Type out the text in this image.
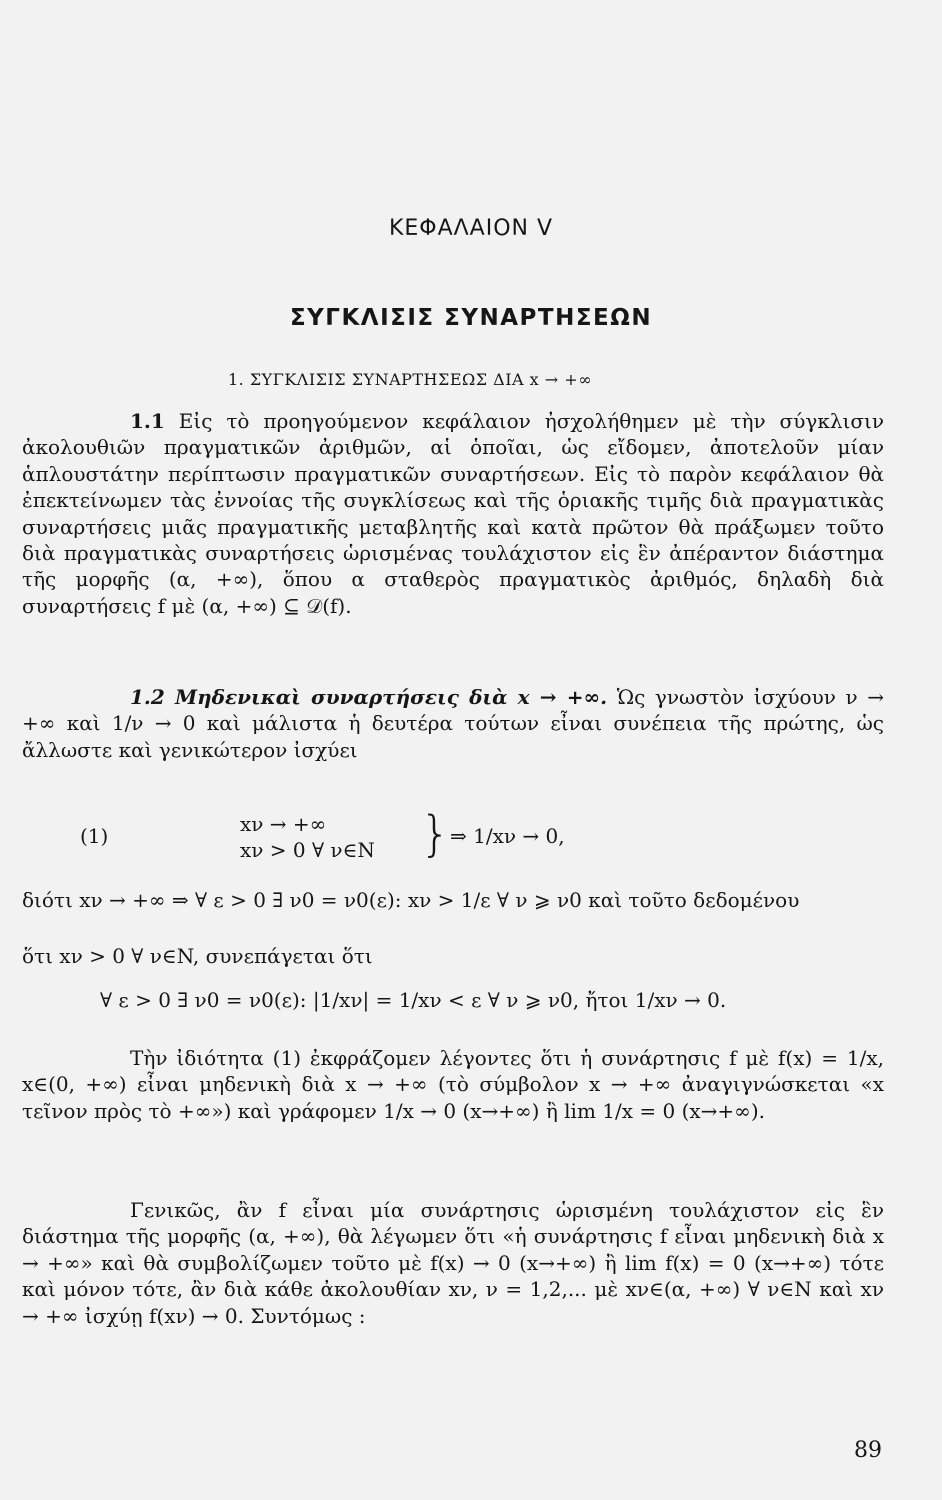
ΚΕΦΑΛΑΙΟΝ V
ΣΥΓΚΛΙΣΙΣ ΣΥΝΑΡΤΗΣΕΩΝ
1. ΣΥΓΚΛΙΣΙΣ ΣΥΝΑΡΤΗΣΕΩΣ ΔΙΑ x → +∞
1.1 Εἰς τὸ προηγούμενον κεφάλαιον ἠσχολήθημεν μὲ τὴν σύγκλισιν ἀκολουθιῶν πραγματικῶν ἀριθμῶν, αἱ ὁποῖαι, ὡς εἴδομεν, ἀποτελοῦν μίαν ἁπλουστάτην περίπτωσιν πραγματικῶν συναρτήσεων. Εἰς τὸ παρὸν κεφάλαιον θὰ ἐπεκτείνωμεν τὰς ἐννοίας τῆς συγκλίσεως καὶ τῆς ὁριακῆς τιμῆς διὰ πραγματικὰς συναρτήσεις μιᾶς πραγματικῆς μεταβλητῆς καὶ κατὰ πρῶτον θὰ πράξωμεν τοῦτο διὰ πραγματικὰς συναρτήσεις ὡρισμένας τουλάχιστον εἰς ἓν ἀπέραντον διάστημα τῆς μορφῆς (α, +∞), ὅπου α σταθερὸς πραγματικὸς ἀριθμός, δηλαδὴ διὰ συναρτήσεις f μὲ (α, +∞) ⊆ 𝒟(f).
1.2 Μηδενικαὶ συναρτήσεις διὰ x → +∞. Ὡς γνωστὸν ἰσχύουν ν → +∞ καὶ 1/ν → 0 καὶ μάλιστα ἡ δευτέρα τούτων εἶναι συνέπεια τῆς πρώτης, ὡς ἄλλωστε καὶ γενικώτερον ἰσχύει
(1)	xν → +∞
xν > 0 ∀ ν∈N } ⇒ 1/xν → 0,
διότι xν → +∞ ⇒ ∀ ε > 0 ∃ ν0 = ν0(ε): xν > 1/ε ∀ ν ⩾ ν0 καὶ τοῦτο δεδομένου
ὅτι xν > 0 ∀ ν∈N, συνεπάγεται ὅτι
∀ ε > 0 ∃ ν0 = ν0(ε): |1/xν| = 1/xν < ε ∀ ν ⩾ ν0, ἤτοι 1/xν → 0.
Τὴν ἰδιότητα (1) ἐκφράζομεν λέγοντες ὅτι ἡ συνάρτησις f μὲ f(x) = 1/x, x∈(0, +∞) εἶναι μηδενικὴ διὰ x → +∞ (τὸ σύμβολον x → +∞ ἀναγιγνώσκεται «x τεῖνον πρὸς τὸ +∞») καὶ γράφομεν 1/x → 0 (x→+∞) ἢ lim 1/x = 0 (x→+∞).
Γενικῶς, ἂν f εἶναι μία συνάρτησις ὡρισμένη τουλάχιστον εἰς ἓν διάστημα τῆς μορφῆς (α, +∞), θὰ λέγωμεν ὅτι «ἡ συνάρτησις f εἶναι μηδενικὴ διὰ x → +∞» καὶ θὰ συμβολίζωμεν τοῦτο μὲ f(x) → 0 (x→+∞) ἢ lim f(x) = 0 (x→+∞) τότε καὶ μόνον τότε, ἂν διὰ κάθε ἀκολουθίαν xν, ν = 1,2,... μὲ xν∈(α, +∞) ∀ ν∈N καὶ xν → +∞ ἰσχύῃ f(xν) → 0. Συντόμως :
89
